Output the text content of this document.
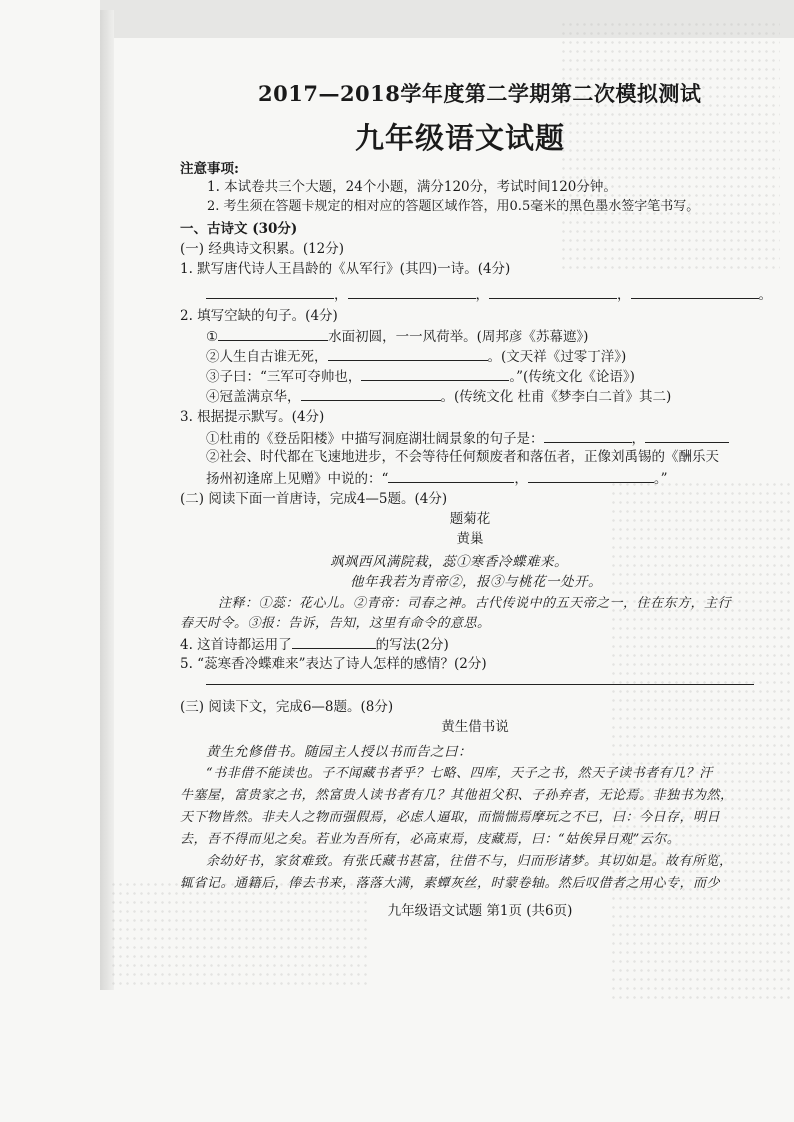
2017—2018学年度第二学期第二次模拟测试
九年级语文试题
注意事项:
1. 本试卷共三个大题，24个小题，满分120分，考试时间120分钟。
2. 考生须在答题卡规定的相对应的答题区域作答，用0.5毫米的黑色墨水签字笔书写。
一、古诗文 (30分)
(一) 经典诗文积累。(12分)
1. 默写唐代诗人王昌龄的《从军行》(其四)一诗。(4分)
，	，	，	。
2. 填写空缺的句子。(4分)
①	水面初圆，一一风荷举。(周邦彦《苏幕遮》)
②人生自古谁无死，	。(文天祥《过零丁洋》)
③子曰：“三军可夺帅也，	。”(传统文化《论语》)
④冠盖满京华，	。(传统文化 杜甫《梦李白二首》其二)
3. 根据提示默写。(4分)
①杜甫的《登岳阳楼》中描写洞庭湖壮阔景象的句子是：	，
②社会、时代都在飞速地进步，不会等待任何颓废者和落伍者，正像刘禹锡的《酬乐天
扬州初逢席上见赠》中说的：“	，	。”
(二) 阅读下面一首唐诗，完成4—5题。(4分)
题菊花
黄巢
飒飒西风满院栽，蕊①寒香冷蝶难来。
他年我若为青帝②，报③与桃花一处开。
注释：①蕊：花心儿。②青帝：司春之神。古代传说中的五天帝之一，住在东方，主行
春天时令。③报：告诉，告知，这里有命令的意思。
4. 这首诗都运用了	的写法(2分)
5. “蕊寒香冷蝶难来”表达了诗人怎样的感情？(2分)
(三) 阅读下文，完成6—8题。(8分)
黄生借书说
黄生允修借书。随园主人授以书而告之曰：
“书非借不能读也。子不闻藏书者乎？七略、四库，天子之书，然天子读书者有几？汗
牛塞屋，富贵家之书，然富贵人读书者有几？其他祖父积、子孙弃者，无论焉。非独书为然，
天下物皆然。非夫人之物而强假焉，必虑人逼取，而惴惴焉摩玩之不已，曰：今日存，明日
去，吾不得而见之矣。若业为吾所有，必高束焉，庋藏焉，曰：“姑俟异日观”云尔。
余幼好书，家贫难致。有张氏藏书甚富，往借不与，归而形诸梦。其切如是。故有所览，
辄省记。通籍后，俸去书来，落落大满，素蟫灰丝，时蒙卷轴。然后叹借者之用心专，而少
九年级语文试题 第1页 (共6页)
